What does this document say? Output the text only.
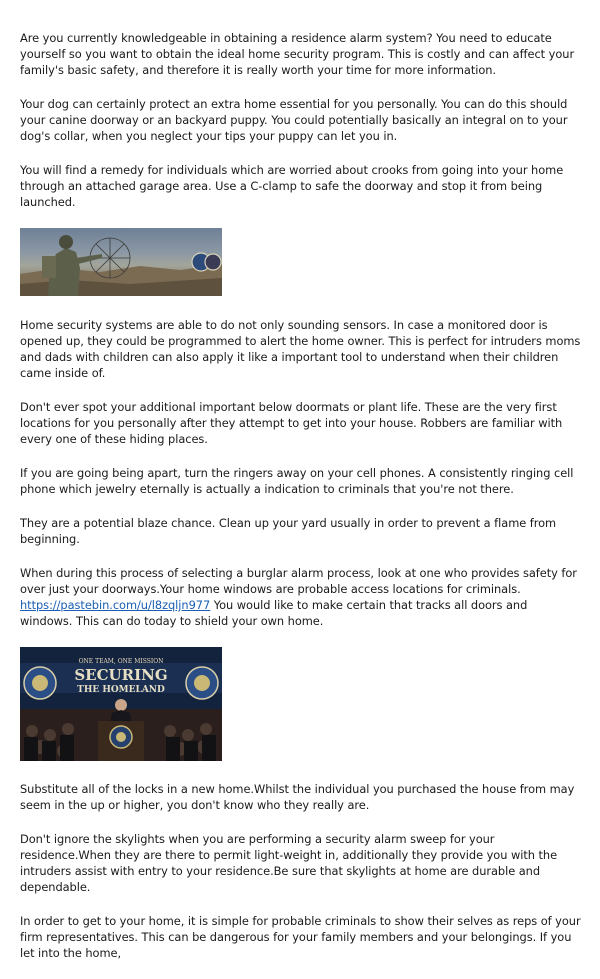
Are you currently knowledgeable in obtaining a residence alarm system? You need to educate yourself so you want to obtain the ideal home security program. This is costly and can affect your family's basic safety, and therefore it is really worth your time for more information.

Your dog can certainly protect an extra home essential for you personally. You can do this should your canine doorway or an backyard puppy. You could potentially basically an integral on to your dog's collar, when you neglect your tips your puppy can let you in.

You will find a remedy for individuals which are worried about crooks from going into your home through an attached garage area. Use a C-clamp to safe the doorway and stop it from being launched.

Home security systems are able to do not only sounding sensors. In case a monitored door is opened up, they could be programmed to alert the home owner. This is perfect for intruders moms and dads with children can also apply it like a important tool to understand when their children came inside of.

Don't ever spot your additional important below doormats or plant life. These are the very first locations for you personally after they attempt to get into your house. Robbers are familiar with every one of these hiding places.

If you are going being apart, turn the ringers away on your cell phones. A consistently ringing cell phone which jewelry eternally is actually a indication to criminals that you're not there.

They are a potential blaze chance. Clean up your yard usually in order to prevent a flame from beginning.

When during this process of selecting a burglar alarm process, look at one who provides safety for over just your doorways.Your home windows are probable access locations for criminals. https://pastebin.com/u/l8zqljn977 You would like to make certain that tracks all doors and windows. This can do today to shield your own home.

ONE TEAM, ONE MISSION
SECURING
THE HOMELAND

Substitute all of the locks in a new home.Whilst the individual you purchased the house from may seem in the up or higher, you don't know who they really are.

Don't ignore the skylights when you are performing a security alarm sweep for your residence.When they are there to permit light-weight in, additionally they provide you with the intruders assist with entry to your residence.Be sure that skylights at home are durable and dependable.

In order to get to your home, it is simple for probable criminals to show their selves as reps of your firm representatives. This can be dangerous for your family members and your belongings. If you let into the home,
